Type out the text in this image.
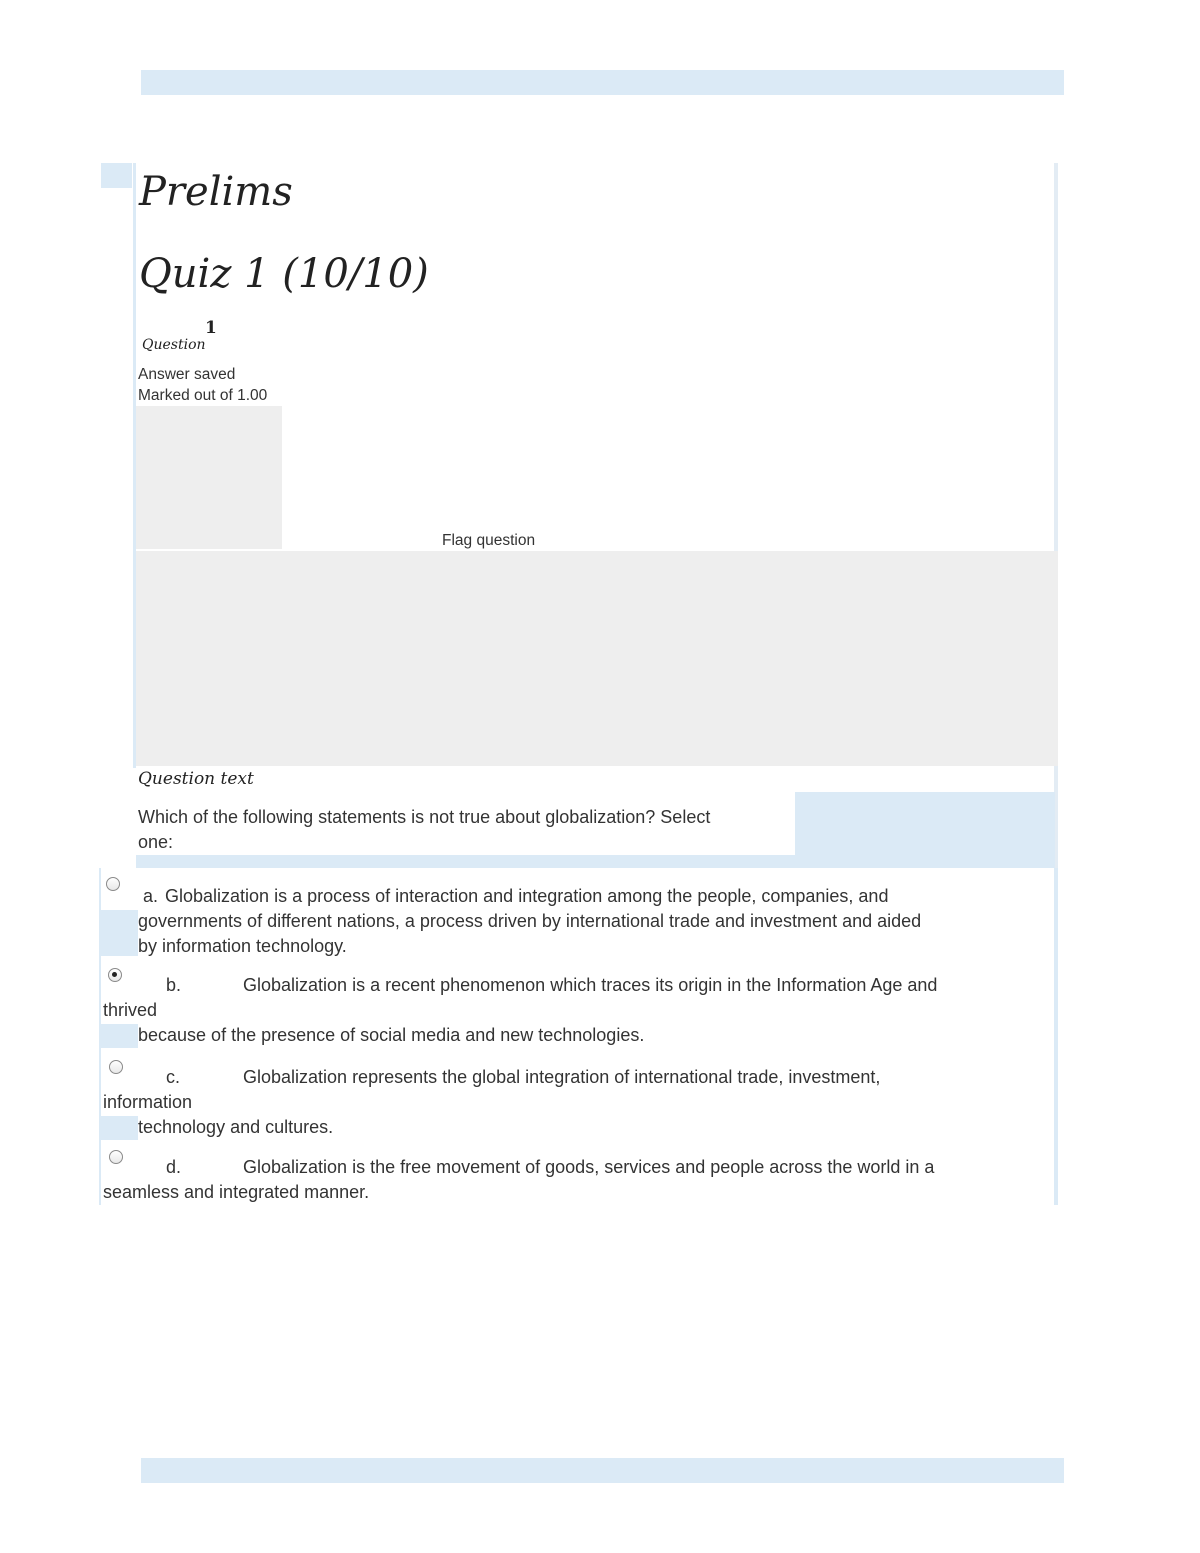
Prelims
Quiz 1 (10/10)
Question
1
Answer saved
Marked out of 1.00
Flag question
Question text
Which of the following statements is not true about globalization? Select
one:
a. Globalization is a process of interaction and integration among the people, companies, and
governments of different nations, a process driven by international trade and investment and aided
by information technology.
b.	Globalization is a recent phenomenon which traces its origin in the Information Age and
thrived
because of the presence of social media and new technologies.
c.	Globalization represents the global integration of international trade, investment,
information
technology and cultures.
d.	Globalization is the free movement of goods, services and people across the world in a
seamless and integrated manner.
